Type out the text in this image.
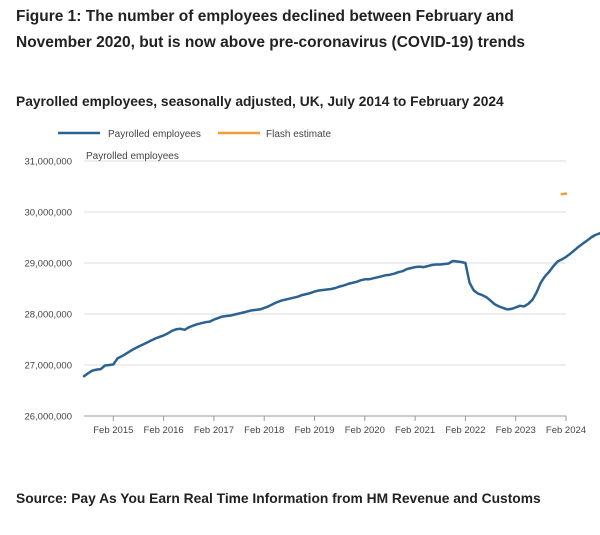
Figure 1: The number of employees declined between February and November 2020, but is now above pre-coronavirus (COVID-19) trends

Payrolled employees, seasonally adjusted, UK, July 2014 to February 2024

26,000,000
27,000,000
28,000,000
29,000,000
30,000,000
31,000,000 Payrolled employees
Feb 2015 Feb 2016 Feb 2017 Feb 2018 Feb 2019 Feb 2020 Feb 2021 Feb 2022 Feb 2023 Feb 2024
Payrolled employees	Flash estimate

Source: Pay As You Earn Real Time Information from HM Revenue and Customs
